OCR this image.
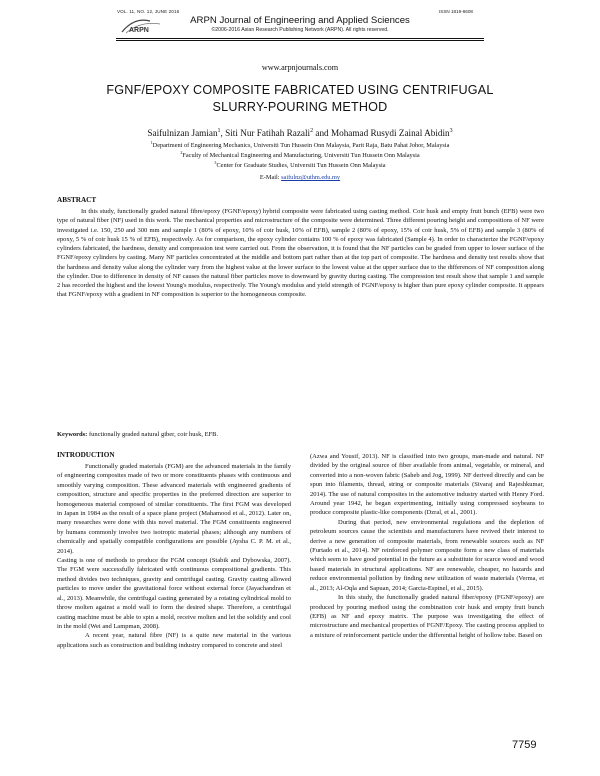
VOL. 11, NO. 12, JUNE 2016	ISSN 1819-6608
ARPN
ARPN Journal of Engineering and Applied Sciences
©2006-2016 Asian Research Publishing Network (ARPN). All rights reserved.
www.arpnjournals.com
FGNF/EPOXY COMPOSITE FABRICATED USING CENTRIFUGAL
SLURRY-POURING METHOD
Saifulnizan Jamian$^1$, Siti Nur Fatihah Razali$^2$ and Mohamad Rusydi Zainal Abidin$^3$
$^1$Department of Engineering Mechanics, Universiti Tun Hussein Onn Malaysia, Parit Raja, Batu Pahat Johor, Malaysia
$^2$Faculty of Mechanical Engineering and Manufacturing, Universiti Tun Hussein Onn Malaysia
$^3$Center for Graduate Studies, Universiti Tun Hussein Onn Malaysia
E-Mail: saifulnz@uthm.edu.my
ABSTRACT

In this study, functionally graded natural fibre/epoxy (FGNF/epoxy) hybrid composite were fabricated using casting method. Coir husk and empty fruit bunch (EFB) were two type of natural fiber (NF) used in this work. The mechanical properties and microstructure of the composite were determined. Three different pouring height and compositions of NF were investigated i.e. 150, 250 and 300 mm and sample 1 (80% of epoxy, 10% of coir husk, 10% of EFB), sample 2 (80% of epoxy, 15% of coir husk, 5% of EFB) and sample 3 (80% of epoxy, 5 % of coir husk 15 % of EFB), respectively. As for comparison, the epoxy cylinder contains 100 % of epoxy was fabricated (Sample 4). In order to characterize the FGNF/epoxy cylinders fabricated, the hardness, density and compression test were carried out. From the observation, it is found that the NF particles can be graded from upper to lower surface of the FGNF/epoxy cylinders by casting. Many NF particles concentrated at the middle and bottom part rather than at the top part of composite. The hardness and density test results show that the hardness and density value along the cylinder vary from the highest value at the lower surface to the lowest value at the upper surface due to the differences of NF composition along the cylinder. Due to difference in density of NF causes the natural fiber particles move to downward by gravity during casting. The compression test result show that sample 1 and sample 2 has recorded the highest and the lowest Young's modulus, respectively. The Young's modulus and yield strength of FGNF/epoxy is higher than pure epoxy cylinder composite. It appears that FGNF/epoxy with a gradient in NF composition is superior to the homogeneous composite.

Keywords: functionally graded natural giber, coir husk, EFB.
INTRODUCTION

Functionally graded materials (FGM) are the advanced materials in the family of engineering composites made of two or more constituents phases with continuous and smoothly varying composition. These advanced materials with engineered gradients of composition, structure and specific properties in the preferred direction are superior to homogeneous material composed of similar constituents. The first FGM was developed in Japan in 1984 as the result of a space plane project (Mahamood et al., 2012). Later on, many researches were done with this novel material. The FGM constituents engineered by humans commonly involve two isotropic material phases; although any numbers of chemically and spatially compatible configurations are possible (Aysha C. P. M. et al., 2014).

Casting is one of methods to produce the FGM concept (Stabik and Dybowska, 2007). The FGM were successfully fabricated with continuous compositional gradients. This method divides two techniques, gravity and centrifugal casting. Gravity casting allowed particles to move under the gravitational force without external force (Jayachandran et al., 2013). Meanwhile, the centrifugal casting generated by a rotating cylindrical mold to throw molten against a mold wall to form the desired shape. Therefore, a centrifugal casting machine must be able to spin a mold, receive molten and let the solidify and cool in the mold (Wei and Lampman, 2008).

A recent year, natural fibre (NF) is a quite new material in the various applications such as construction and building industry compared to concrete and steel

(Azwa and Yousif, 2013). NF is classified into two groups, man-made and natural. NF divided by the original source of fiber available from animal, vegetable, or mineral, and converted into a non-woven fabric (Saheb and Jog, 1999). NF derived directly and can be spun into filaments, thread, string or composite materials (Sivaraj and Rajeshkumar, 2014). The use of natural composites in the automotive industry started with Henry Ford. Around year 1942, he began experimenting, initially using compressed soybeans to produce composite plastic-like components (Dzral, et al., 2001).

During that period, new environmental regulations and the depletion of petroleum sources cause the scientists and manufacturers have revived their interest to derive a new generation of composite materials, from renewable sources such as NF (Furtado et al., 2014). NF reinforced polymer composite form a new class of materials which seem to have good potential in the future as a substitute for scarce wood and wood based materials in structural applications. NF are renewable, cheaper, no hazards and reduce environmental pollution by finding new utilization of waste materials (Verma, et al., 2013; Al-Oqla and Sapuan, 2014; Garcia-Espinel, et al., 2015).

In this study, the functionally graded natural fiber/epoxy (FGNF/epoxy) are produced by pouring method using the combination coir husk and empty fruit bunch (EFB) as NF and epoxy matrix. The purpose was investigating the effect of microstructure and mechanical properties of FGNF/Epoxy. The casting process applied to a mixture of reinforcement particle under the differential height of hollow tube. Based on

7759
